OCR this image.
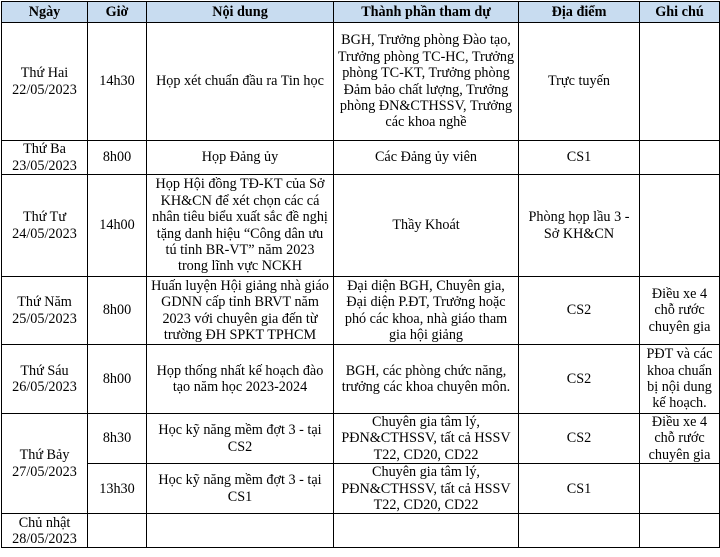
Ngày	Giờ	Nội dung	Thành phần tham dự	Địa điểm	Ghi chú

Thứ Hai
22/05/2023	14h30	Họp xét chuẩn đầu ra Tin học	BGH, Trưởng phòng Đào tạo, Trưởng phòng TC-HC, Trưởng phòng TC-KT, Trưởng phòng Đảm bảo chất lượng, Trưởng phòng ĐN&CTHSSV, Trưởng các khoa nghề	Trực tuyến	

Thứ Ba
23/05/2023	8h00	Họp Đảng ủy	Các Đảng ủy viên	CS1	

Thứ Tư
24/05/2023	14h00	Họp Hội đồng TĐ-KT của Sở KH&CN để xét chọn các cá nhân tiêu biểu xuất sắc đề nghị tặng danh hiệu “Công dân ưu tú tỉnh BR-VT” năm 2023 trong lĩnh vực NCKH	Thầy Khoát	Phòng họp lầu 3 - Sở KH&CN	

Thứ Năm
25/05/2023	8h00	Huấn luyện Hội giảng nhà giáo GDNN cấp tỉnh BRVT năm 2023 với chuyên gia đến từ trường ĐH SPKT TPHCM	Đại diện BGH, Chuyên gia, Đại diện P.ĐT, Trưởng hoặc phó các khoa, nhà giáo tham gia hội giảng	CS2	Điều xe 4 chỗ rước chuyên gia

Thứ Sáu
26/05/2023	8h00	Họp thống nhất kế hoạch đào tạo năm học 2023-2024	BGH, các phòng chức năng, trưởng các khoa chuyên môn.	CS2	PĐT và các khoa chuẩn bị nội dung kế hoạch.

Thứ Bảy
27/05/2023	8h30	Học kỹ năng mềm đợt 3 - tại CS2	Chuyên gia tâm lý, PĐN&CTHSSV, tất cả HSSV T22, CD20, CD22	CS2	Điều xe 4 chỗ rước chuyên gia
	13h30	Học kỹ năng mềm đợt 3 - tại CS1	Chuyên gia tâm lý, PĐN&CTHSSV, tất cả HSSV T22, CD20, CD22	CS1	

Chủ nhật
28/05/2023					
